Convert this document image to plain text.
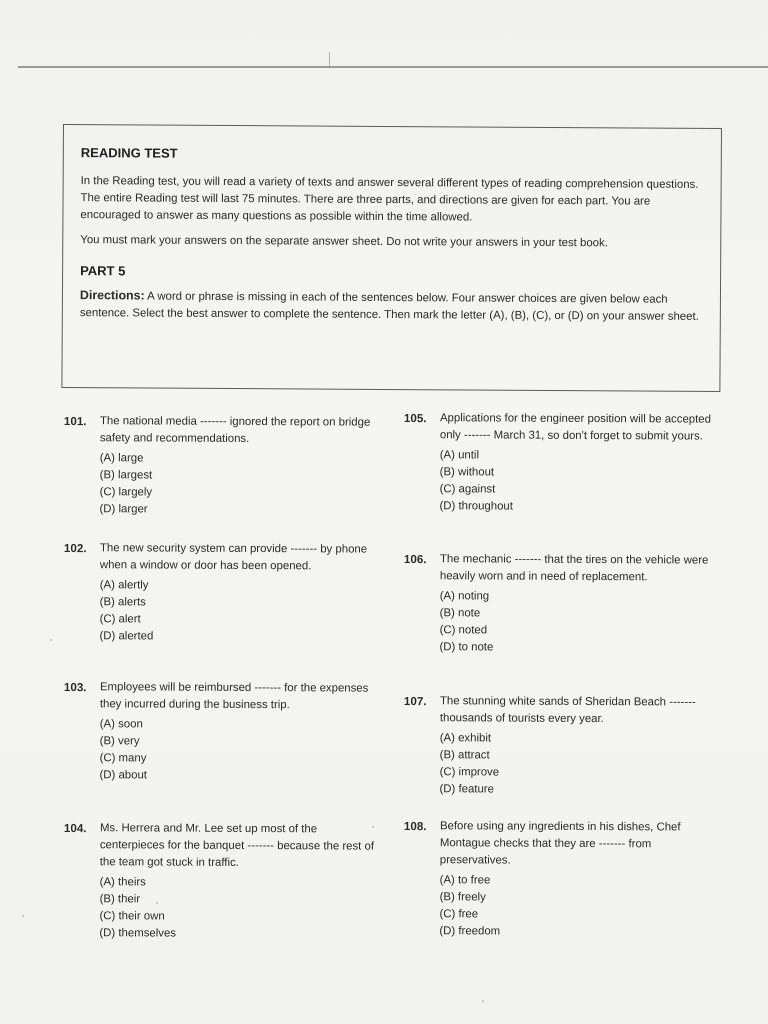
READING TEST

In the Reading test, you will read a variety of texts and answer several different types of reading comprehension questions. The entire Reading test will last 75 minutes. There are three parts, and directions are given for each part. You are encouraged to answer as many questions as possible within the time allowed.

You must mark your answers on the separate answer sheet. Do not write your answers in your test book.

PART 5

Directions: A word or phrase is missing in each of the sentences below. Four answer choices are given below each sentence. Select the best answer to complete the sentence. Then mark the letter (A), (B), (C), or (D) on your answer sheet.

101. The national media ------- ignored the report on bridge safety and recommendations.
(A) large
(B) largest
(C) largely
(D) larger
102. The new security system can provide ------- by phone when a window or door has been opened.
(A) alertly
(B) alerts
(C) alert
(D) alerted
103. Employees will be reimbursed ------- for the expenses they incurred during the business trip.
(A) soon
(B) very
(C) many
(D) about
104. Ms. Herrera and Mr. Lee set up most of the centerpieces for the banquet ------- because the rest of the team got stuck in traffic.
(A) theirs
(B) their
(C) their own
(D) themselves
105. Applications for the engineer position will be accepted only ------- March 31, so don't forget to submit yours.
(A) until
(B) without
(C) against
(D) throughout
106. The mechanic ------- that the tires on the vehicle were heavily worn and in need of replacement.
(A) noting
(B) note
(C) noted
(D) to note
107. The stunning white sands of Sheridan Beach ------- thousands of tourists every year.
(A) exhibit
(B) attract
(C) improve
(D) feature
108. Before using any ingredients in his dishes, Chef Montague checks that they are ------- from preservatives.
(A) to free
(B) freely
(C) free
(D) freedom
